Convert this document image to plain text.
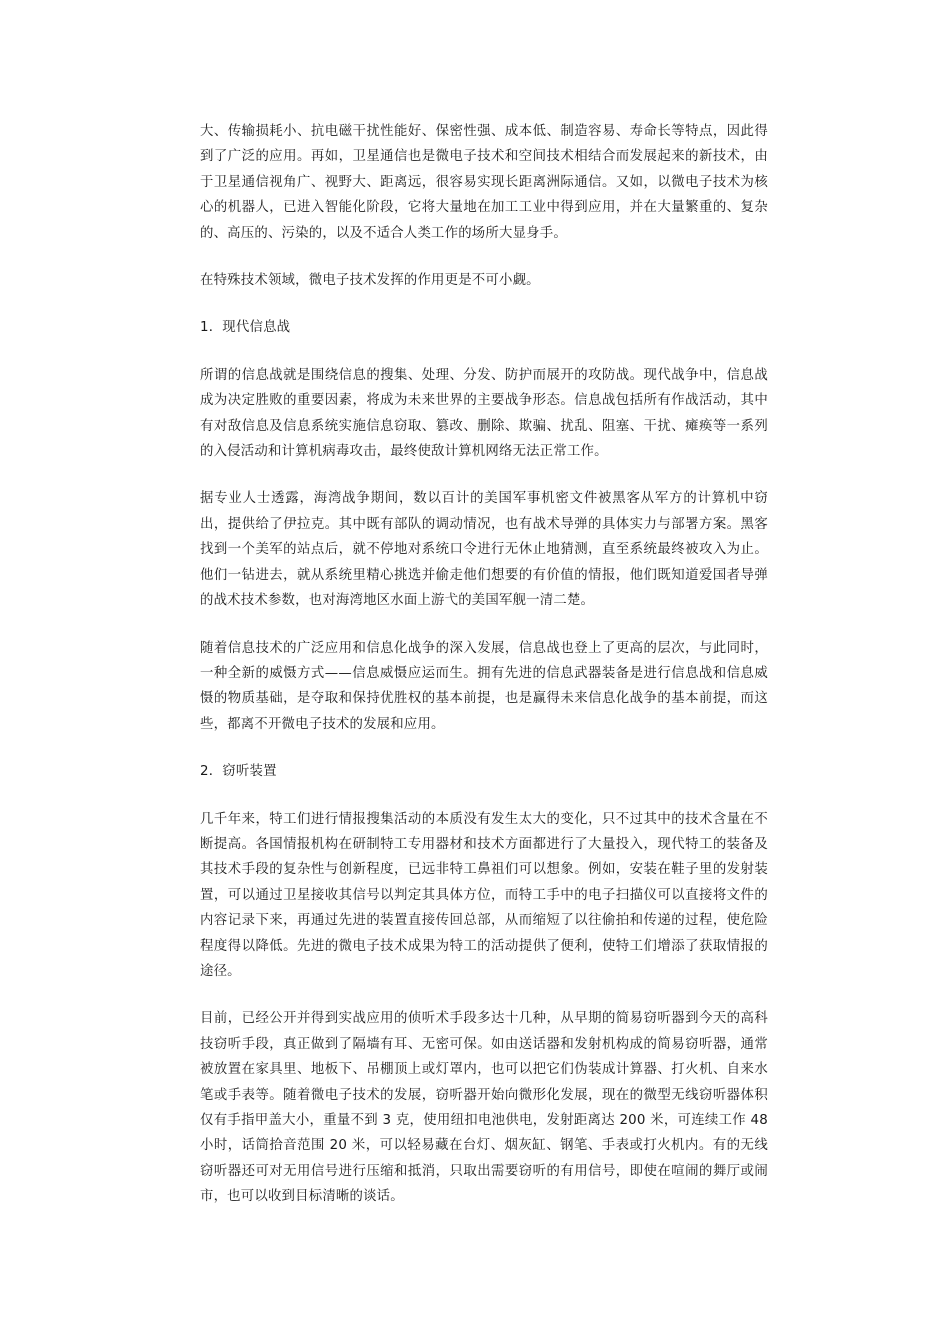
大、传输损耗小、抗电磁干扰性能好、保密性强、成本低、制造容易、寿命长等特点，因此得到了广泛的应用。再如，卫星通信也是微电子技术和空间技术相结合而发展起来的新技术，由于卫星通信视角广、视野大、距离远，很容易实现长距离洲际通信。又如，以微电子技术为核心的机器人，已进入智能化阶段，它将大量地在加工工业中得到应用，并在大量繁重的、复杂的、高压的、污染的，以及不适合人类工作的场所大显身手。

在特殊技术领域，微电子技术发挥的作用更是不可小觑。

1．现代信息战

所谓的信息战就是围绕信息的搜集、处理、分发、防护而展开的攻防战。现代战争中，信息战成为决定胜败的重要因素，将成为未来世界的主要战争形态。信息战包括所有作战活动，其中有对敌信息及信息系统实施信息窃取、篡改、删除、欺骗、扰乱、阻塞、干扰、瘫痪等一系列的入侵活动和计算机病毒攻击，最终使敌计算机网络无法正常工作。

据专业人士透露，海湾战争期间，数以百计的美国军事机密文件被黑客从军方的计算机中窃出，提供给了伊拉克。其中既有部队的调动情况，也有战术导弹的具体实力与部署方案。黑客找到一个美军的站点后，就不停地对系统口令进行无休止地猜测，直至系统最终被攻入为止。他们一钻进去，就从系统里精心挑选并偷走他们想要的有价值的情报，他们既知道爱国者导弹的战术技术参数，也对海湾地区水面上游弋的美国军舰一清二楚。

随着信息技术的广泛应用和信息化战争的深入发展，信息战也登上了更高的层次，与此同时，一种全新的威慑方式——信息威慑应运而生。拥有先进的信息武器装备是进行信息战和信息威慑的物质基础，是夺取和保持优胜权的基本前提，也是赢得未来信息化战争的基本前提，而这些，都离不开微电子技术的发展和应用。

2．窃听装置

几千年来，特工们进行情报搜集活动的本质没有发生太大的变化，只不过其中的技术含量在不断提高。各国情报机构在研制特工专用器材和技术方面都进行了大量投入，现代特工的装备及其技术手段的复杂性与创新程度，已远非特工鼻祖们可以想象。例如，安装在鞋子里的发射装置，可以通过卫星接收其信号以判定其具体方位，而特工手中的电子扫描仪可以直接将文件的内容记录下来，再通过先进的装置直接传回总部，从而缩短了以往偷拍和传递的过程，使危险程度得以降低。先进的微电子技术成果为特工的活动提供了便利，使特工们增添了获取情报的途径。

目前，已经公开并得到实战应用的侦听术手段多达十几种，从早期的简易窃听器到今天的高科技窃听手段，真正做到了隔墙有耳、无密可保。如由送话器和发射机构成的简易窃听器，通常被放置在家具里、地板下、吊棚顶上或灯罩内，也可以把它们伪装成计算器、打火机、自来水笔或手表等。随着微电子技术的发展，窃听器开始向微形化发展，现在的微型无线窃听器体积仅有手指甲盖大小，重量不到 3 克，使用纽扣电池供电，发射距离达 200 米，可连续工作 48 小时，话筒拾音范围 20 米，可以轻易藏在台灯、烟灰缸、钢笔、手表或打火机内。有的无线窃听器还可对无用信号进行压缩和抵消，只取出需要窃听的有用信号，即使在喧闹的舞厅或闹市，也可以收到目标清晰的谈话。
